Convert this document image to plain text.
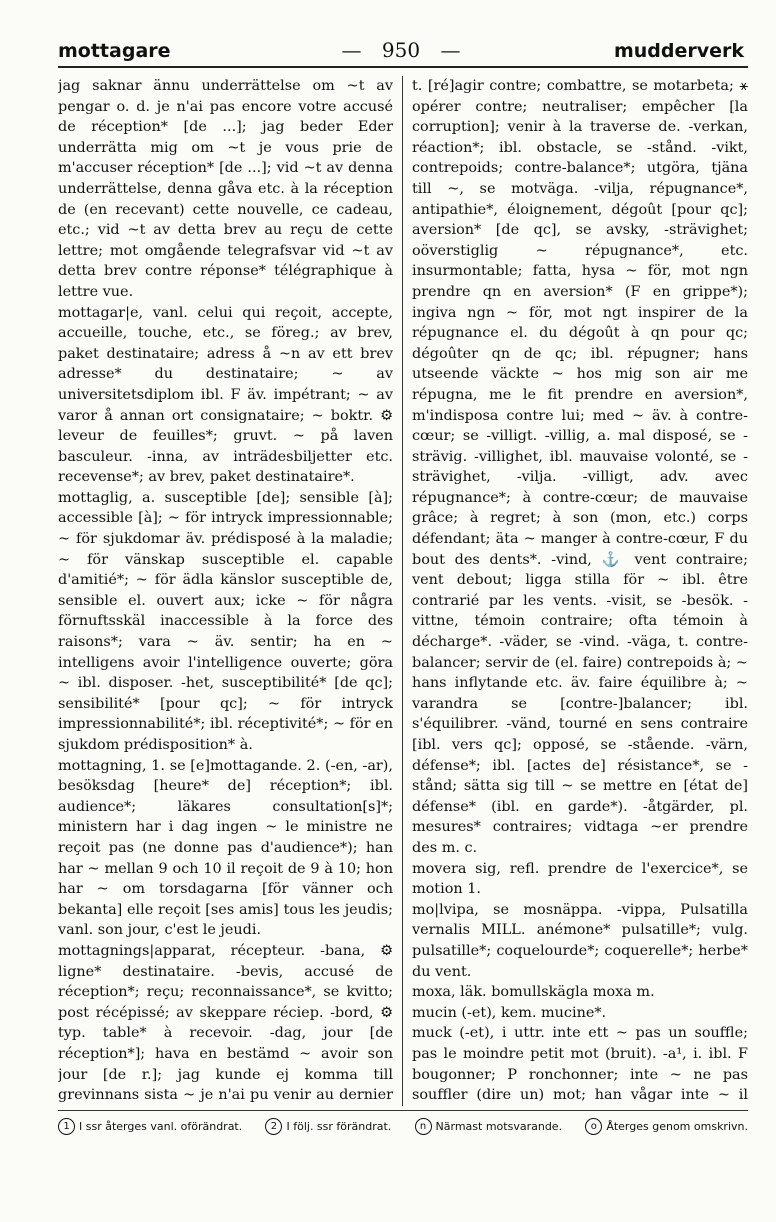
mottagare	— 950 —	mudderverk

jag saknar ännu underrättelse om ~t av pengar o. d. je n'ai pas encore votre accusé de réception* [de ...]; jag beder Eder underrätta mig om ~t je vous prie de m'accuser réception* [de ...]; vid ~t av denna underrättelse, denna gåva etc. à la réception de (en recevant) cette nouvelle, ce cadeau, etc.; vid ~t av detta brev au reçu de cette lettre; mot omgående telegrafsvar vid ~t av detta brev contre réponse* télégraphique à lettre vue.

mottagar|e, vanl. celui qui reçoit, accepte, accueille, touche, etc., se föreg.; av brev, paket destinataire; adress å ~n av ett brev adresse* du destinataire; ~ av universitetsdiplom ibl. F äv. impétrant; ~ av varor å annan ort consignataire; ~ boktr. ⚙ leveur de feuilles*; gruvt. ~ på laven basculeur. -inna, av inträdesbiljetter etc. recevense*; av brev, paket destinataire*.

mottaglig, a. susceptible [de]; sensible [à]; accessible [à]; ~ för intryck impressionnable; ~ för sjukdomar äv. prédisposé à la maladie; ~ för vänskap susceptible el. capable d'amitié*; ~ för ädla känslor susceptible de, sensible el. ouvert aux; icke ~ för några förnuftsskäl inaccessible à la force des raisons*; vara ~ äv. sentir; ha en ~ intelligens avoir l'intelligence ouverte; göra ~ ibl. disposer. -het, susceptibilité* [de qc]; sensibilité* [pour qc]; ~ för intryck impressionnabilité*; ibl. réceptivité*; ~ för en sjukdom prédisposition* à.

mottagning, 1. se [e]mottagande. 2. (-en, -ar), besöksdag [heure* de] réception*; ibl. audience*; läkares consultation[s]*; ministern har i dag ingen ~ le ministre ne reçoit pas (ne donne pas d'audience*); han har ~ mellan 9 och 10 il reçoit de 9 à 10; hon har ~ om torsdagarna [för vänner och bekanta] elle reçoit [ses amis] tous les jeudis; vanl. son jour, c'est le jeudi.

mottagnings|apparat, récepteur. -bana, ⚙ ligne* destinataire. -bevis, accusé de réception*; reçu; reconnaissance*, se kvitto; post récépissé; av skeppare réciep. -bord, ⚙ typ. table* à recevoir. -dag, jour [de réception*]; hava en bestämd ~ avoir son jour [de r.]; jag kunde ej komma till grevinnans sista ~ je n'ai pu venir au dernier

t. [ré]agir contre; combattre, se motarbeta; ⚹ opérer contre; neutraliser; empêcher [la corruption]; venir à la traverse de. -verkan, réaction*; ibl. obstacle, se -stånd. -vikt, contrepoids; contre-balance*; utgöra, tjäna till ~, se motväga. -vilja, répugnance*, antipathie*, éloignement, dégoût [pour qc]; aversion* [de qc], se avsky, -strävighet; oöverstiglig ~ répugnance*, etc. insurmontable; fatta, hysa ~ för, mot ngn prendre qn en aversion* (F en grippe*); ingiva ngn ~ för, mot ngt inspirer de la répugnance el. du dégoût à qn pour qc; dégoûter qn de qc; ibl. répugner; hans utseende väckte ~ hos mig son air me répugna, me le fit prendre en aversion*, m'indisposa contre lui; med ~ äv. à contre-cœur; se -villigt. -villig, a. mal disposé, se -strävig. -villighet, ibl. mauvaise volonté, se -strävighet, -vilja. -villigt, adv. avec répugnance*; à contre-cœur; de mauvaise grâce; à regret; à son (mon, etc.) corps défendant; äta ~ manger à contre-cœur, F du bout des dents*. -vind, ⚓ vent contraire; vent debout; ligga stilla för ~ ibl. être contrarié par les vents. -visit, se -besök. -vittne, témoin contraire; ofta témoin à décharge*. -väder, se -vind. -väga, t. contre-balancer; servir de (el. faire) contrepoids à; ~ hans inflytande etc. äv. faire équilibre à; ~ varandra se [contre-]balancer; ibl. s'équilibrer. -vänd, tourné en sens contraire [ibl. vers qc]; opposé, se -stående. -värn, défense*; ibl. [actes de] résistance*, se -stånd; sätta sig till ~ se mettre en [état de] défense* (ibl. en garde*). -åtgärder, pl. mesures* contraires; vidtaga ~er prendre des m. c.

movera sig, refl. prendre de l'exercice*, se motion 1.

mo|lvipa, se mosnäppa. -vippa, Pulsatilla vernalis MILL. anémone* pulsatille*; vulg. pulsatille*; coquelourde*; coquerelle*; herbe* du vent.

moxa, läk. bomullskägla moxa m.

mucin (-et), kem. mucine*.

muck (-et), i uttr. inte ett ~ pas un souffle; pas le moindre petit mot (bruit). -a¹, i. ibl. F bougonner; P ronchonner; inte ~ ne pas souffler (dire un) mot; han vågar inte ~ il

1 I ssr återges vanl. oförändrat.	2 I följ. ssr förändrat.	n Närmast motsvarande.	o Återges genom omskrivn.
